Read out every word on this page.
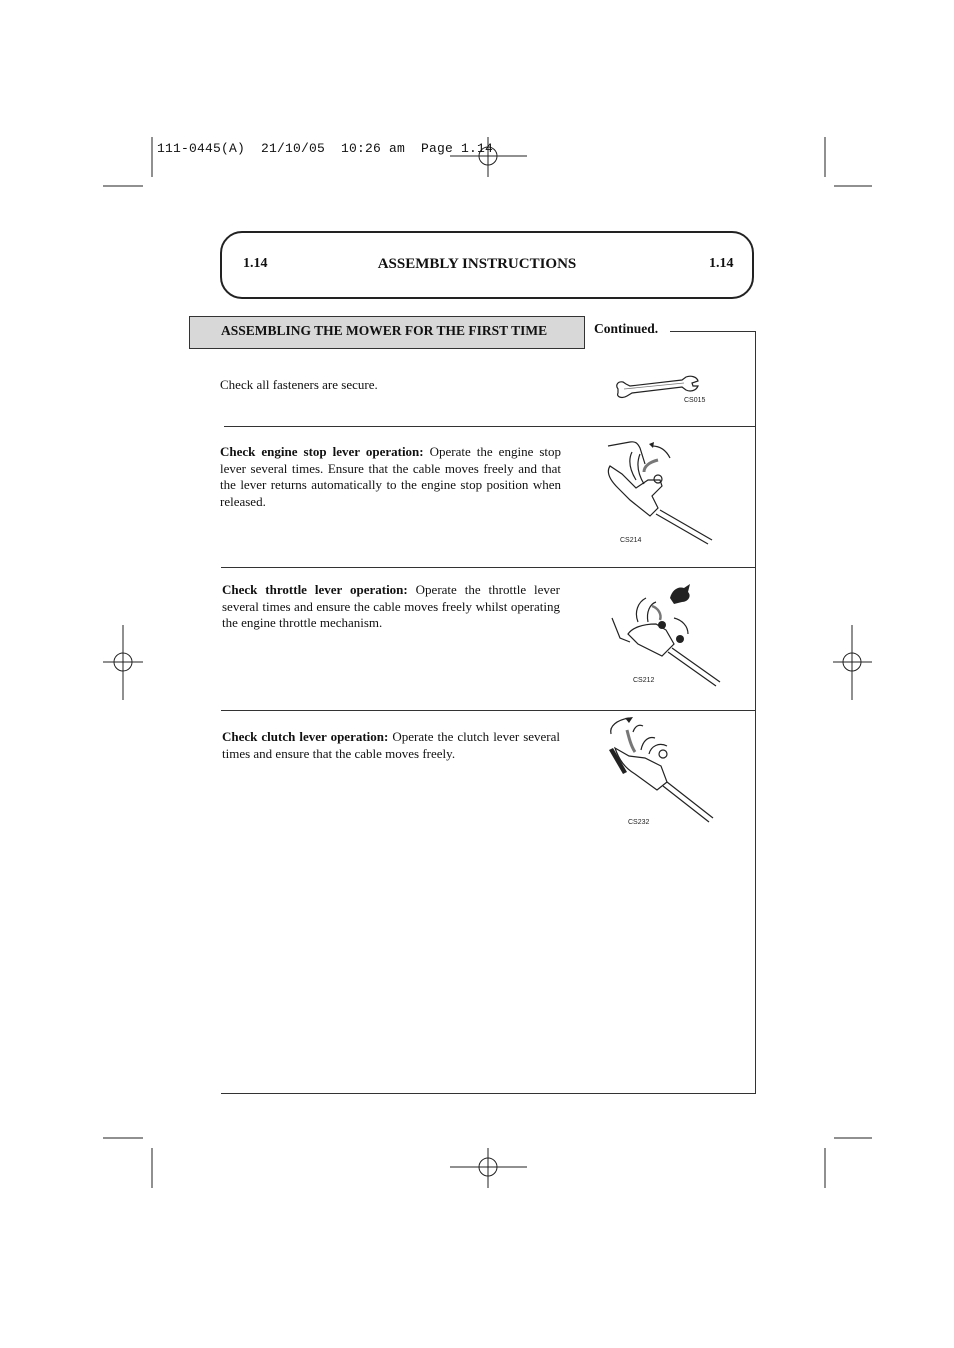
111-0445(A)  21/10/05  10:26 am  Page 1.14
1.14	ASSEMBLY INSTRUCTIONS	1.14
ASSEMBLING THE MOWER FOR THE FIRST TIME	Continued.
Check all fasteners are secure.
CS015
Check engine stop lever operation: Operate the engine stop lever several times. Ensure that the cable moves freely and that the lever returns automatically to the engine stop position when released.
CS214
Check throttle lever operation: Operate the throttle lever several times and ensure the cable moves freely whilst operating the engine throttle mechanism.
CS212
Check clutch lever operation: Operate the clutch lever several times and ensure that the cable moves freely.
CS232
